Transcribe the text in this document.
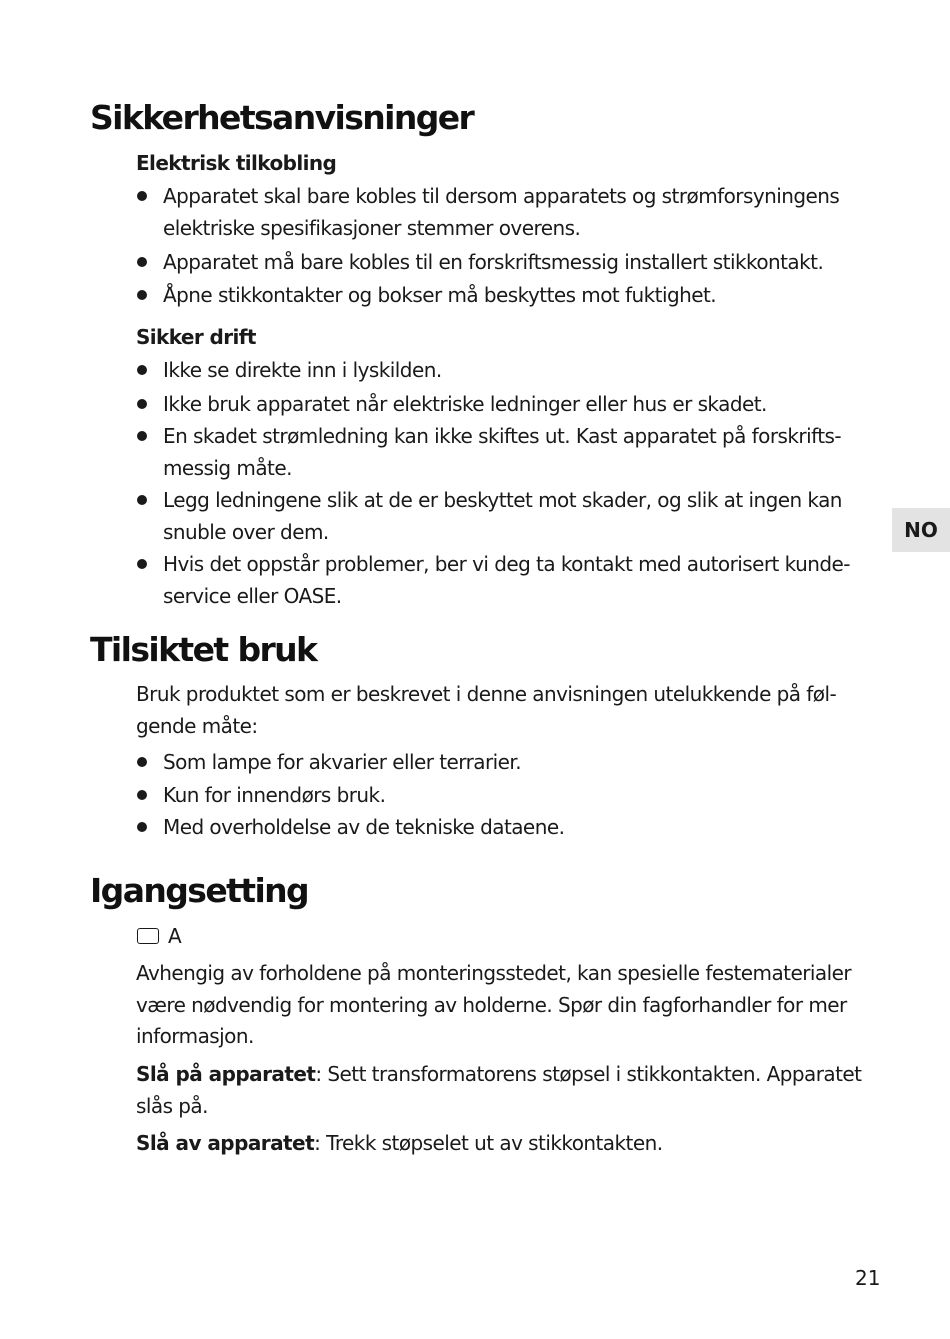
Sikkerhetsanvisninger
Elektrisk tilkobling
Apparatet skal bare kobles til dersom apparatets og strømforsyningens elektriske spesifikasjoner stemmer overens.
Apparatet må bare kobles til en forskriftsmessig installert stikkontakt.
Åpne stikkontakter og bokser må beskyttes mot fuktighet.
Sikker drift
Ikke se direkte inn i lyskilden.
Ikke bruk apparatet når elektriske ledninger eller hus er skadet.
En skadet strømledning kan ikke skiftes ut. Kast apparatet på forskrifts-messig måte.
Legg ledningene slik at de er beskyttet mot skader, og slik at ingen kan snuble over dem.
Hvis det oppstår problemer, ber vi deg ta kontakt med autorisert kunde-service eller OASE.
Tilsiktet bruk

Bruk produktet som er beskrevet i denne anvisningen utelukkende på føl-gende måte:

Som lampe for akvarier eller terrarier.
Kun for innendørs bruk.
Med overholdelse av de tekniske dataene.
Igangsetting
A

Avhengig av forholdene på monteringsstedet, kan spesielle festematerialer være nødvendig for montering av holderne. Spør din fagforhandler for mer informasjon.

Slå på apparatet: Sett transformatorens støpsel i stikkontakten. Apparatet slås på.

Slå av apparatet: Trekk støpselet ut av stikkontakten.

NO
21
